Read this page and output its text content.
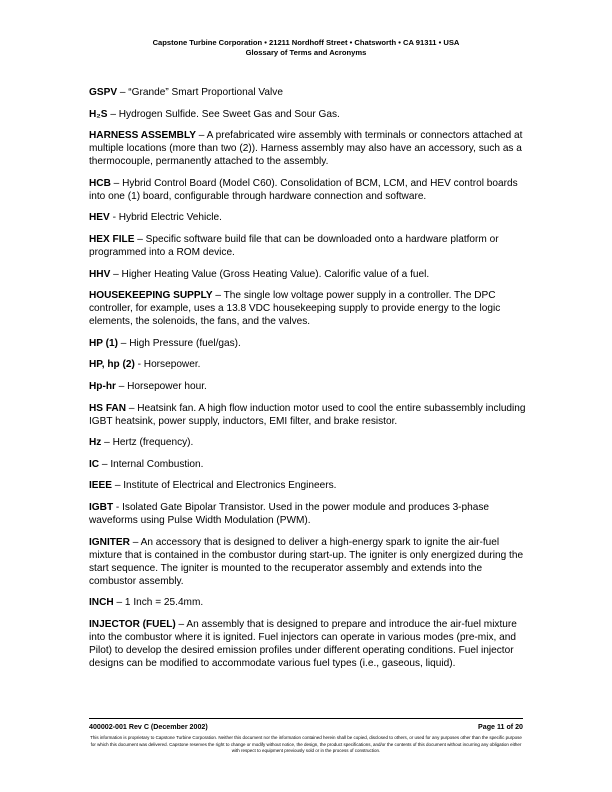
Capstone Turbine Corporation • 21211 Nordhoff Street • Chatsworth • CA 91311 • USA
Glossary of Terms and Acronyms

GSPV – “Grande” Smart Proportional Valve

H₂S – Hydrogen Sulfide. See Sweet Gas and Sour Gas.

HARNESS ASSEMBLY – A prefabricated wire assembly with terminals or connectors attached at multiple locations (more than two (2)). Harness assembly may also have an accessory, such as a thermocouple, permanently attached to the assembly.

HCB – Hybrid Control Board (Model C60). Consolidation of BCM, LCM, and HEV control boards into one (1) board, configurable through hardware connection and software.

HEV - Hybrid Electric Vehicle.

HEX FILE – Specific software build file that can be downloaded onto a hardware platform or programmed into a ROM device.

HHV – Higher Heating Value (Gross Heating Value). Calorific value of a fuel.

HOUSEKEEPING SUPPLY – The single low voltage power supply in a controller. The DPC controller, for example, uses a 13.8 VDC housekeeping supply to provide energy to the logic elements, the solenoids, the fans, and the valves.

HP (1) – High Pressure (fuel/gas).

HP, hp (2) - Horsepower.

Hp-hr – Horsepower hour.

HS FAN – Heatsink fan. A high flow induction motor used to cool the entire subassembly including IGBT heatsink, power supply, inductors, EMI filter, and brake resistor.

Hz – Hertz (frequency).

IC – Internal Combustion.

IEEE – Institute of Electrical and Electronics Engineers.

IGBT - Isolated Gate Bipolar Transistor. Used in the power module and produces 3-phase waveforms using Pulse Width Modulation (PWM).

IGNITER – An accessory that is designed to deliver a high-energy spark to ignite the air-fuel mixture that is contained in the combustor during start-up. The igniter is only energized during the start sequence. The igniter is mounted to the recuperator assembly and extends into the combustor assembly.

INCH – 1 Inch = 25.4mm.

INJECTOR (FUEL) – An assembly that is designed to prepare and introduce the air-fuel mixture into the combustor where it is ignited. Fuel injectors can operate in various modes (pre-mix, and Pilot) to develop the desired emission profiles under different operating conditions. Fuel injector designs can be modified to accommodate various fuel types (i.e., gaseous, liquid).

400002-001 Rev C (December 2002)	Page 11 of 20
This information is proprietary to Capstone Turbine Corporation. Neither this document nor the information contained herein shall be copied, disclosed to others, or used for any purposes other than the specific purpose for which this document was delivered. Capstone reserves the right to change or modify without notice, the design, the product specifications, and/or the contents of this document without incurring any obligation either with respect to equipment previously sold or in the process of construction.
